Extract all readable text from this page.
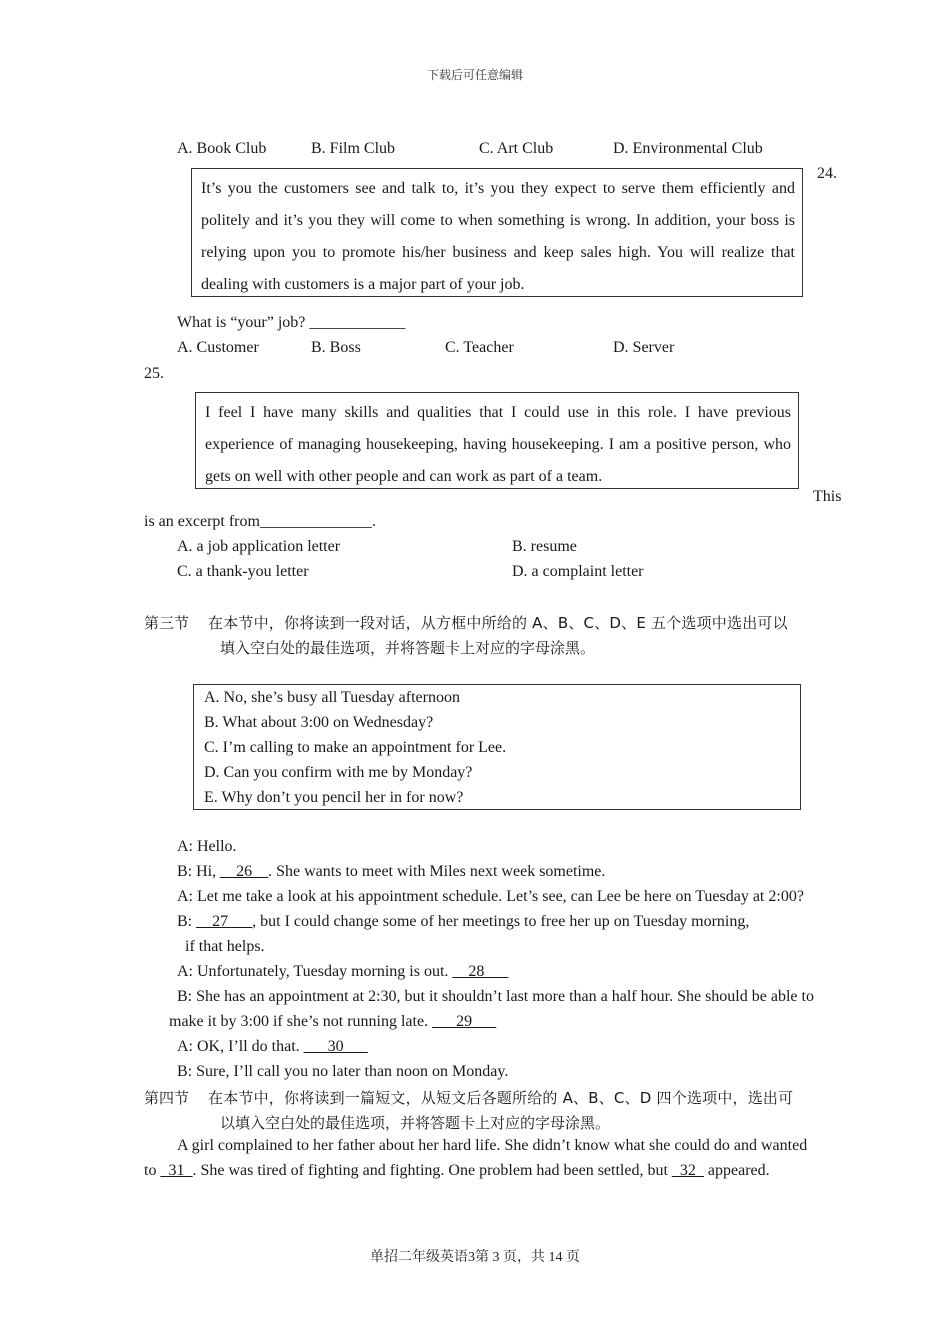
下载后可任意编辑
A. Book Club	B. Film Club	C. Art Club	D. Environmental Club
24.
It’s you the customers see and talk to, it’s you they expect to serve them efficiently and politely and it’s you they will come to when something is wrong. In addition, your boss is relying upon you to promote his/her business and keep sales high. You will realize that dealing with customers is a major part of your job.
What is “your” job? ____________
A. Customer	B. Boss	C. Teacher	D. Server
25.
I feel I have many skills and qualities that I could use in this role. I have previous experience of managing housekeeping, having housekeeping. I am a positive person, who gets on well with other people and can work as part of a team.
This
is an excerpt from______________.
A. a job application letter	B. resume
C. a thank-you letter	D. a complaint letter
第三节 在本节中，你将读到一段对话，从方框中所给的 A、B、C、D、E 五个选项中选出可以
填入空白处的最佳选项，并将答题卡上对应的字母涂黑。
A. No, she’s busy all Tuesday afternoon
B. What about 3:00 on Wednesday?
C. I’m calling to make an appointment for Lee.
D. Can you confirm with me by Monday?
E. Why don’t you pencil her in for now?
A: Hello.
B: Hi, __26__. She wants to meet with Miles next week sometime.
A: Let me take a look at his appointment schedule. Let’s see, can Lee be here on Tuesday at 2:00?
B: __27___, but I could change some of her meetings to free her up on Tuesday morning,
if that helps.
A: Unfortunately, Tuesday morning is out. __28___
B: She has an appointment at 2:30, but it shouldn’t last more than a half hour. She should be able to
make it by 3:00 if she’s not running late. ___29___
A: OK, I’ll do that. ___30___
B: Sure, I’ll call you no later than noon on Monday.
第四节 在本节中，你将读到一篇短文，从短文后各题所给的 A、B、C、D 四个选项中，选出可
以填入空白处的最佳选项，并将答题卡上对应的字母涂黑。
A girl complained to her father about her hard life. She didn’t know what she could do and wanted
to _31_. She was tired of fighting and fighting. One problem had been settled, but _32_ appeared.
单招二年级英语3第 3 页，共 14 页
